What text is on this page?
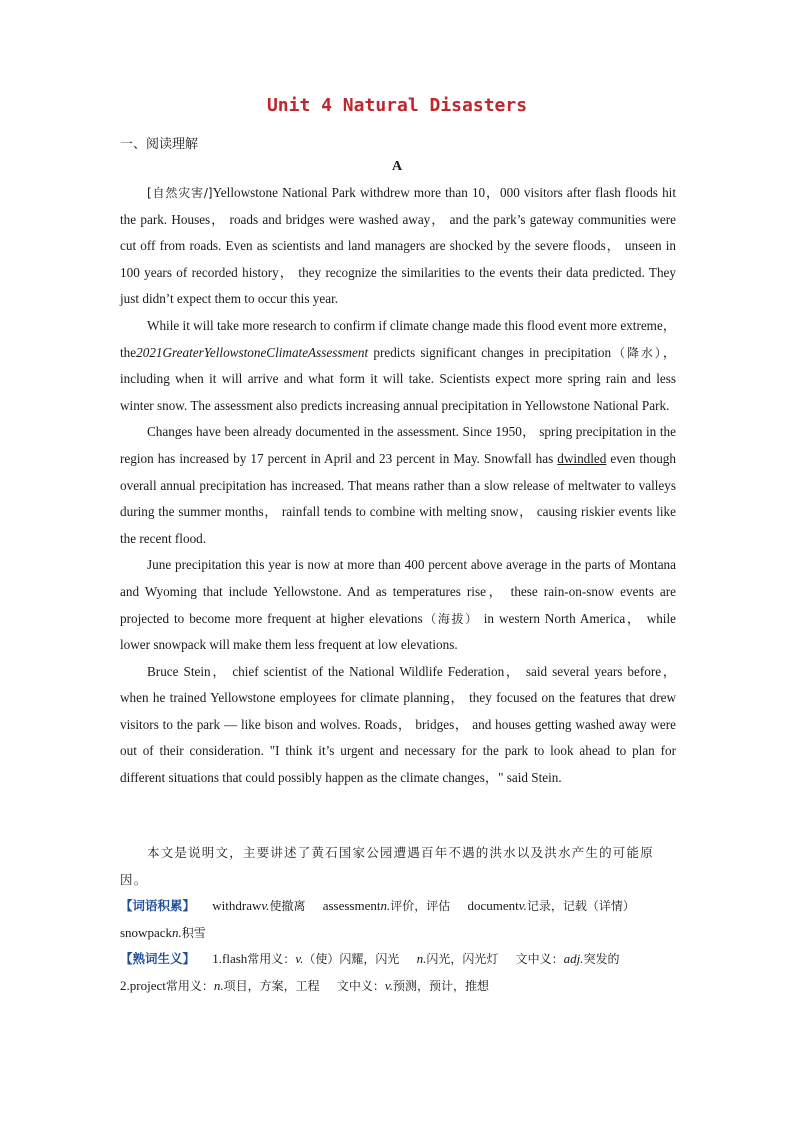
Unit 4 Natural Disasters
一、阅读理解
A

[自然灾害/]Yellowstone National Park withdrew more than 10，000 visitors after flash floods hit the park. Houses， roads and bridges were washed away， and the park’s gateway communities were cut off from roads. Even as scientists and land managers are shocked by the severe floods， unseen in 100 years of recorded history， they recognize the similarities to the events their data predicted. They just didn’t expect them to occur this year.

While it will take more research to confirm if climate change made this flood event more extreme， the2021GreaterYellowstoneClimateAssessment predicts significant changes in precipitation（降水）， including when it will arrive and what form it will take. Scientists expect more spring rain and less winter snow. The assessment also predicts increasing annual precipitation in Yellowstone National Park.

Changes have been already documented in the assessment. Since 1950， spring precipitation in the region has increased by 17 percent in April and 23 percent in May. Snowfall has dwindled even though overall annual precipitation has increased. That means rather than a slow release of meltwater to valleys during the summer months， rainfall tends to combine with melting snow， causing riskier events like the recent flood.

June precipitation this year is now at more than 400 percent above average in the parts of Montana and Wyoming that include Yellowstone. And as temperatures rise， these rain-on-snow events are projected to become more frequent at higher elevations（海拔） in western North America， while lower snowpack will make them less frequent at low elevations.

Bruce Stein， chief scientist of the National Wildlife Federation， said several years before， when he trained Yellowstone employees for climate planning， they focused on the features that drew visitors to the park — like bison and wolves. Roads， bridges， and houses getting washed away were out of their consideration. "I think it’s urgent and necessary for the park to look ahead to plan for different situations that could possibly happen as the climate changes，" said Stein.

本文是说明文，主要讲述了黄石国家公园遭遇百年不遇的洪水以及洪水产生的可能原因。

【词语积累】 withdrawv.使撤离 assessmentn.评价，评估 documentv.记录，记载（详情） snowpackn.积雪

【熟词生义】 1.flash常用义：v.（使）闪耀，闪光 n.闪光，闪光灯 文中义：adj.突发的

2.project常用义：n.项目，方案，工程 文中义：v.预测，预计，推想
